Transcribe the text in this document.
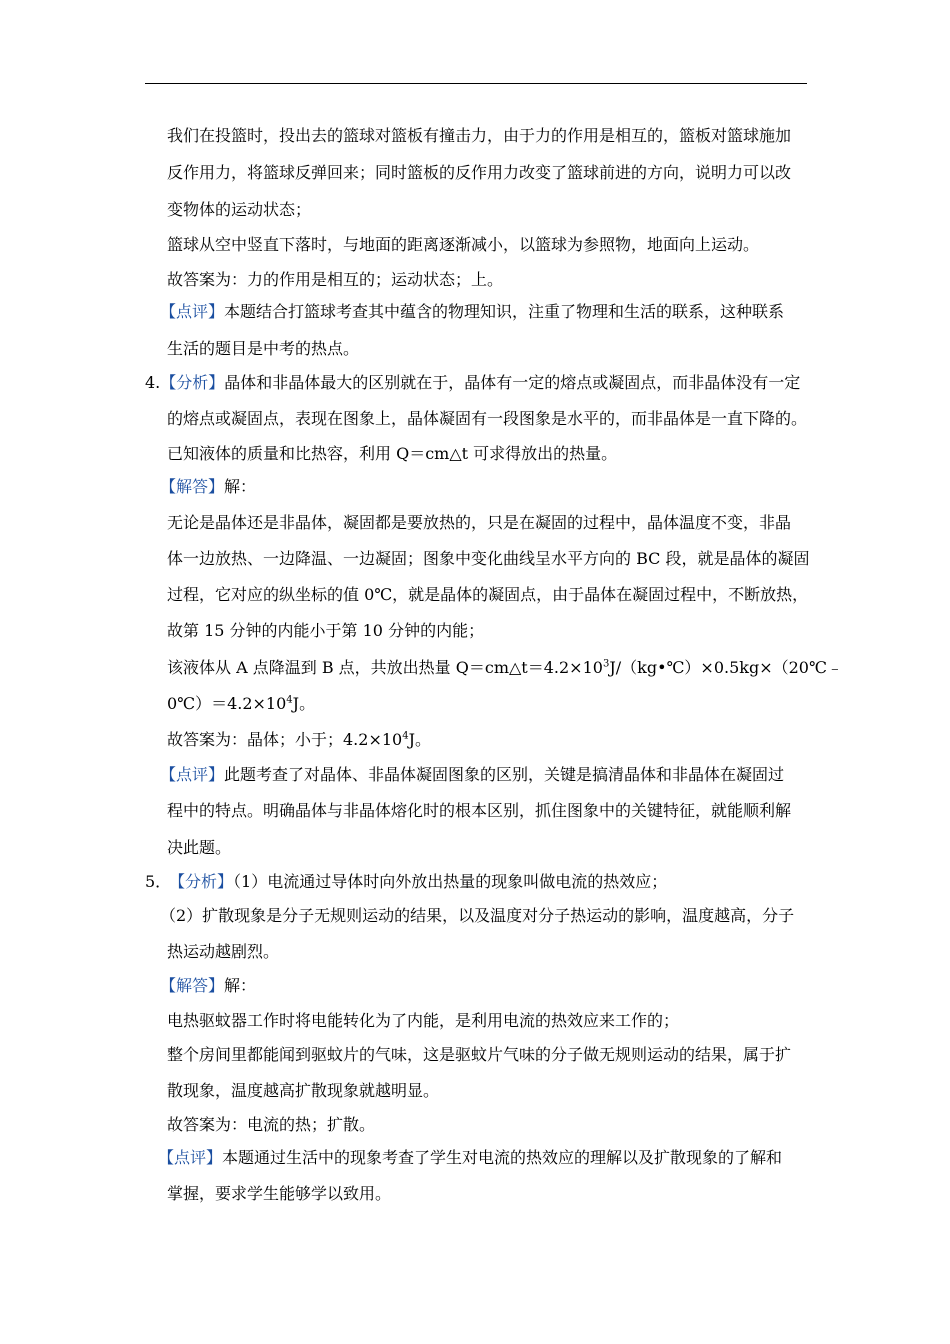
我们在投篮时，投出去的篮球对篮板有撞击力，由于力的作用是相互的，篮板对篮球施加
反作用力，将篮球反弹回来；同时篮板的反作用力改变了篮球前进的方向，说明力可以改
变物体的运动状态；
篮球从空中竖直下落时，与地面的距离逐渐减小，以篮球为参照物，地面向上运动。
故答案为：力的作用是相互的；运动状态；上。
【点评】本题结合打篮球考查其中蕴含的物理知识，注重了物理和生活的联系，这种联系
生活的题目是中考的热点。
4.【分析】晶体和非晶体最大的区别就在于，晶体有一定的熔点或凝固点，而非晶体没有一定
的熔点或凝固点，表现在图象上，晶体凝固有一段图象是水平的，而非晶体是一直下降的。
已知液体的质量和比热容，利用 Q＝cm△t 可求得放出的热量。
【解答】解：
无论是晶体还是非晶体，凝固都是要放热的，只是在凝固的过程中，晶体温度不变，非晶
体一边放热、一边降温、一边凝固；图象中变化曲线呈水平方向的 BC 段，就是晶体的凝固
过程，它对应的纵坐标的值 0℃，就是晶体的凝固点，由于晶体在凝固过程中，不断放热，
故第 15 分钟的内能小于第 10 分钟的内能；
该液体从 A 点降温到 B 点，共放出热量 $Q=cm\triangle t=4.2\times 10^3J/(kg•℃)\times 0.5kg\times(20℃﹣$
$0℃)=4.2\times 10^4J$。
故答案为：晶体；小于；$4.2\times 10^4J$。
【点评】此题考查了对晶体、非晶体凝固图象的区别，关键是搞清晶体和非晶体在凝固过
程中的特点。明确晶体与非晶体熔化时的根本区别，抓住图象中的关键特征，就能顺利解
决此题。
5．【分析】（1）电流通过导体时向外放出热量的现象叫做电流的热效应；
（2）扩散现象是分子无规则运动的结果，以及温度对分子热运动的影响，温度越高，分子
热运动越剧烈。
【解答】解：
电热驱蚊器工作时将电能转化为了内能，是利用电流的热效应来工作的；
整个房间里都能闻到驱蚊片的气味，这是驱蚊片气味的分子做无规则运动的结果，属于扩
散现象，温度越高扩散现象就越明显。
故答案为：电流的热；扩散。
【点评】本题通过生活中的现象考查了学生对电流的热效应的理解以及扩散现象的了解和
掌握，要求学生能够学以致用。
